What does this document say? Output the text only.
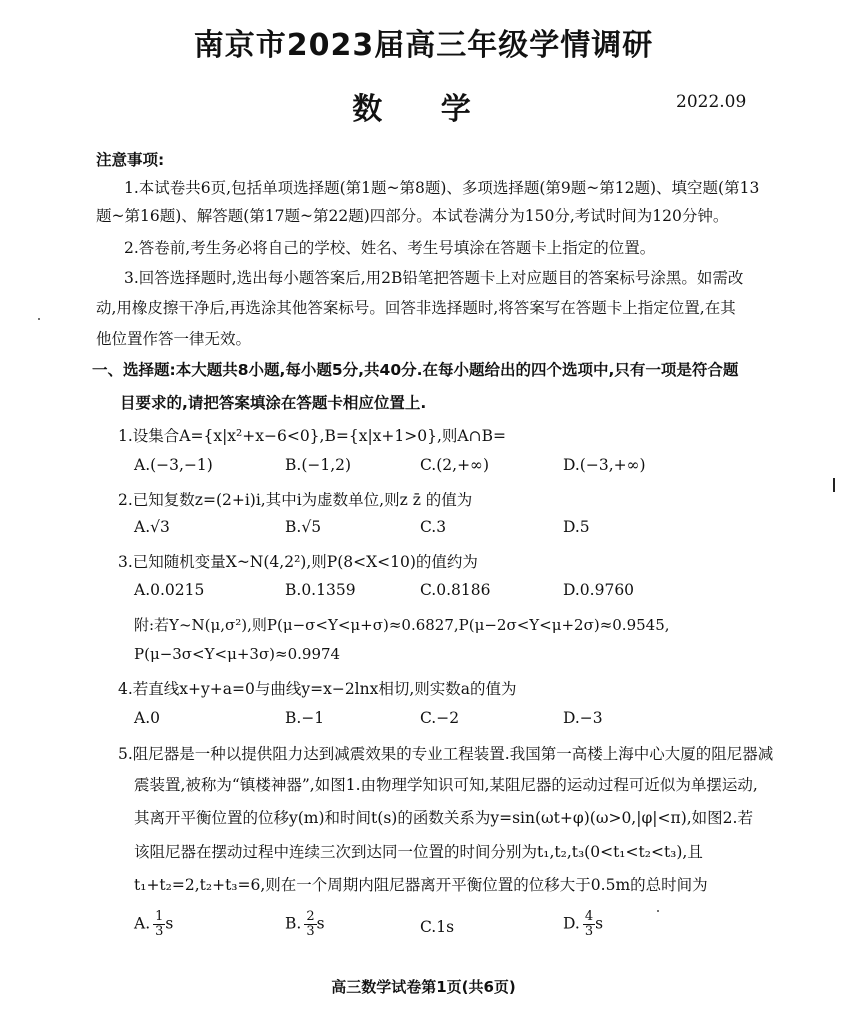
南京市2023届高三年级学情调研
数 学	2022.09
注意事项:
1.本试卷共6页,包括单项选择题(第1题~第8题)、多项选择题(第9题~第12题)、填空题(第13
题~第16题)、解答题(第17题~第22题)四部分。本试卷满分为150分,考试时间为120分钟。
2.答卷前,考生务必将自己的学校、姓名、考生号填涂在答题卡上指定的位置。
3.回答选择题时,选出每小题答案后,用2B铅笔把答题卡上对应题目的答案标号涂黑。如需改
动,用橡皮擦干净后,再选涂其他答案标号。回答非选择题时,将答案写在答题卡上指定位置,在其
他位置作答一律无效。
一、选择题:本大题共8小题,每小题5分,共40分.在每小题给出的四个选项中,只有一项是符合题
目要求的,请把答案填涂在答题卡相应位置上.
1.设集合A={x|x²+x−6<0},B={x|x+1>0},则A∩B=
A.(−3,−1)	B.(−1,2)	C.(2,+∞)	D.(−3,+∞)
2.已知复数z=(2+i)i,其中i为虚数单位,则z z̄ 的值为
A.√3	B.√5	C.3	D.5
3.已知随机变量X~N(4,2²),则P(8<X<10)的值约为
A.0.0215	B.0.1359	C.0.8186	D.0.9760
附:若Y~N(μ,σ²),则P(μ−σ<Y<μ+σ)≈0.6827,P(μ−2σ<Y<μ+2σ)≈0.9545,
P(μ−3σ<Y<μ+3σ)≈0.9974
4.若直线x+y+a=0与曲线y=x−2lnx相切,则实数a的值为
A.0	B.−1	C.−2	D.−3
5.阻尼器是一种以提供阻力达到减震效果的专业工程装置.我国第一高楼上海中心大厦的阻尼器减
震装置,被称为“镇楼神器”,如图1.由物理学知识可知,某阻尼器的运动过程可近似为单摆运动,
其离开平衡位置的位移y(m)和时间t(s)的函数关系为y=sin(ωt+φ)(ω>0,|φ|<π),如图2.若
该阻尼器在摆动过程中连续三次到达同一位置的时间分别为t₁,t₂,t₃(0<t₁<t₂<t₃),且
t₁+t₂=2,t₂+t₃=6,则在一个周期内阻尼器离开平衡位置的位移大于0.5m的总时间为
A. $\frac{1}{3}$ s	B. $\frac{2}{3}$ s	C.1s	D. $\frac{4}{3}$ s
高三数学试卷第1页(共6页)
